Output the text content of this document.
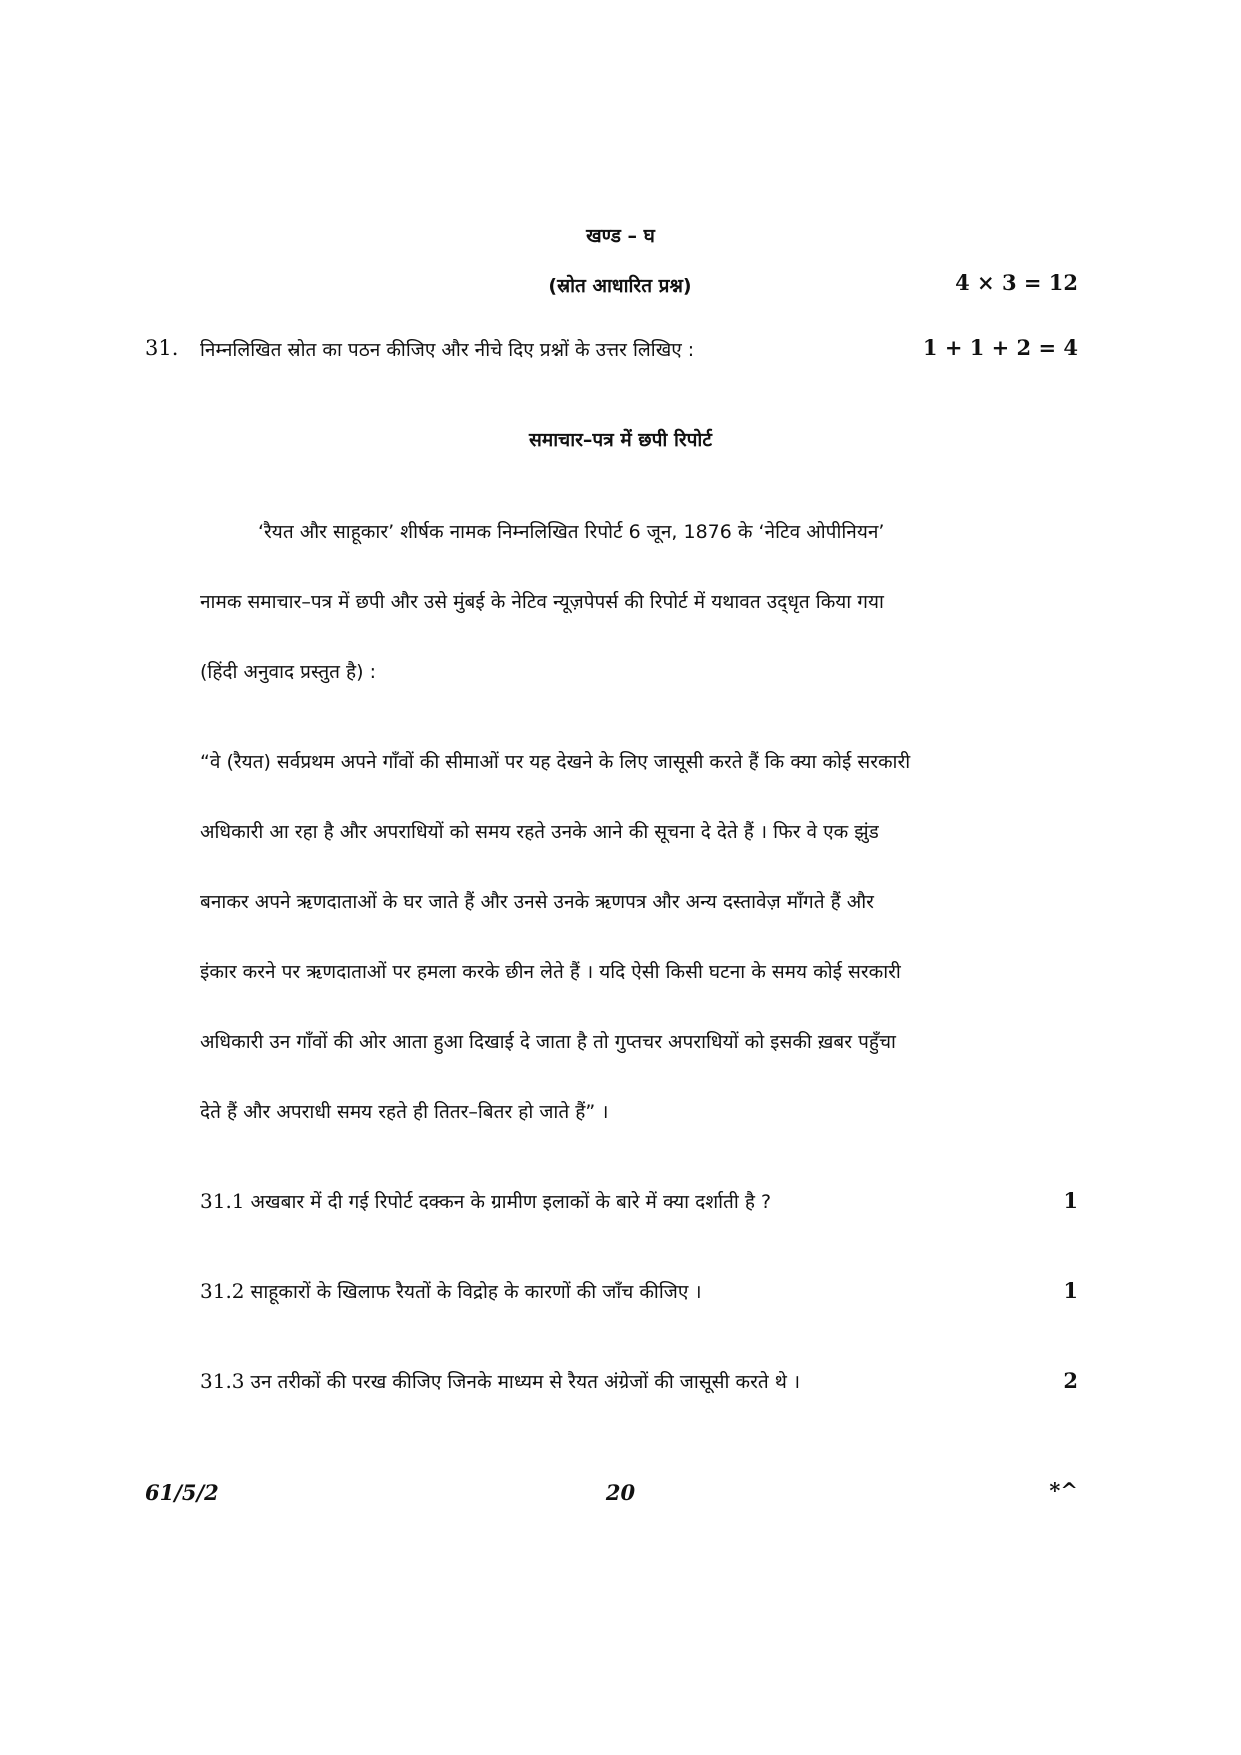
खण्ड – घ
(स्रोत आधारित प्रश्न)	4 × 3 = 12
31. निम्नलिखित स्रोत का पठन कीजिए और नीचे दिए प्रश्नों के उत्तर लिखिए :	1 + 1 + 2 = 4
समाचार–पत्र में छपी रिपोर्ट
‘रैयत और साहूकार’ शीर्षक नामक निम्नलिखित रिपोर्ट 6 जून, 1876 के ‘नेटिव ओपीनियन’
नामक समाचार–पत्र में छपी और उसे मुंबई के नेटिव न्यूज़पेपर्स की रिपोर्ट में यथावत उद्‌धृत किया गया
(हिंदी अनुवाद प्रस्तुत है) :
“वे (रैयत) सर्वप्रथम अपने गाँवों की सीमाओं पर यह देखने के लिए जासूसी करते हैं कि क्या कोई सरकारी
अधिकारी आ रहा है और अपराधियों को समय रहते उनके आने की सूचना दे देते हैं । फिर वे एक झुंड
बनाकर अपने ऋणदाताओं के घर जाते हैं और उनसे उनके ऋणपत्र और अन्य दस्तावेज़ माँगते हैं और
इंकार करने पर ऋणदाताओं पर हमला करके छीन लेते हैं । यदि ऐसी किसी घटना के समय कोई सरकारी
अधिकारी उन गाँवों की ओर आता हुआ दिखाई दे जाता है तो गुप्तचर अपराधियों को इसकी ख़बर पहुँचा
देते हैं और अपराधी समय रहते ही तितर–बितर हो जाते हैं” ।
31.1 अखबार में दी गई रिपोर्ट दक्कन के ग्रामीण इलाकों के बारे में क्या दर्शाती है ?	1
31.2 साहूकारों के खिलाफ रैयतों के विद्रोह के कारणों की जाँच कीजिए ।	1
31.3 उन तरीकों की परख कीजिए जिनके माध्यम से रैयत अंग्रेजों की जासूसी करते थे ।	2
61/5/2	20	*^
